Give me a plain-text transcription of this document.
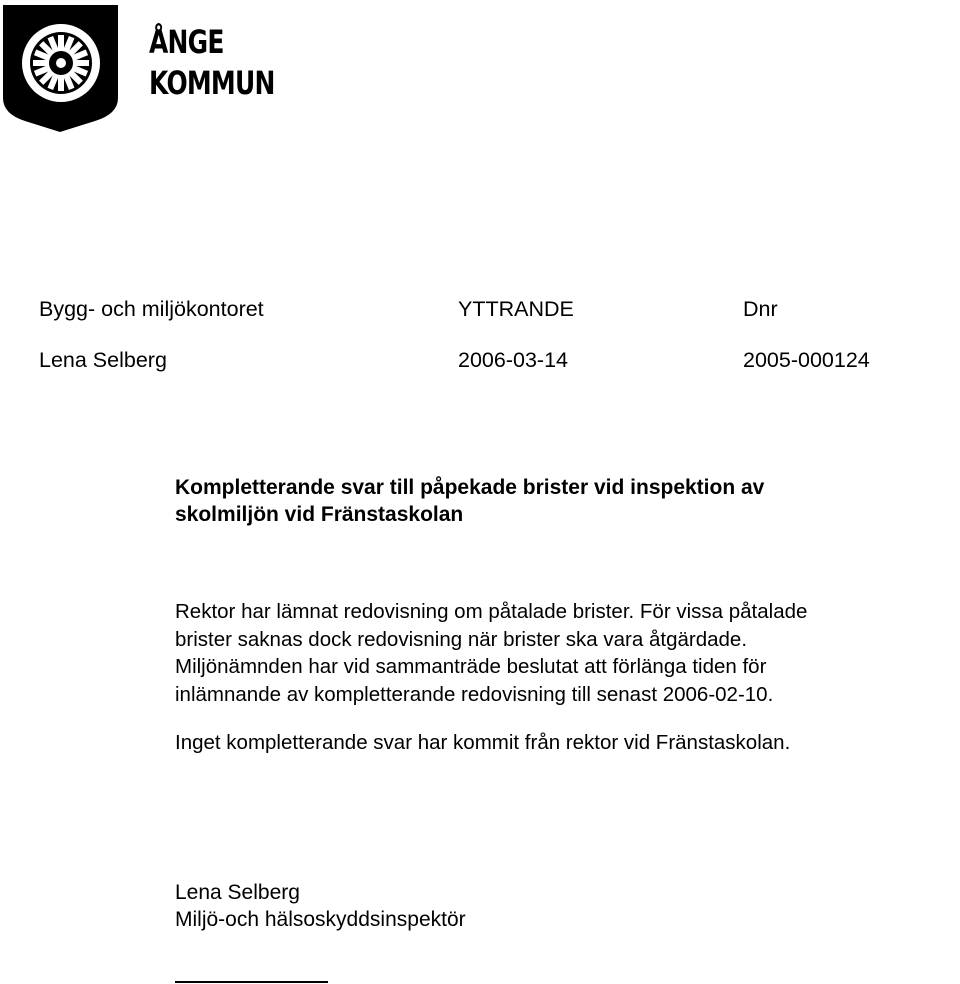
ÅNGE
KOMMUN
Bygg- och miljökontoret	YTTRANDE	Dnr
Lena Selberg	2006-03-14	2005-000124
Kompletterande svar till påpekade brister vid inspektion av
skolmiljön vid Fränstaskolan
Rektor har lämnat redovisning om påtalade brister. För vissa påtalade
brister saknas dock redovisning när brister ska vara åtgärdade.
Miljönämnden har vid sammanträde beslutat att förlänga tiden för
inlämnande av kompletterande redovisning till senast 2006-02-10.
Inget kompletterande svar har kommit från rektor vid Fränstaskolan.
Lena Selberg
Miljö-och hälsoskyddsinspektör
